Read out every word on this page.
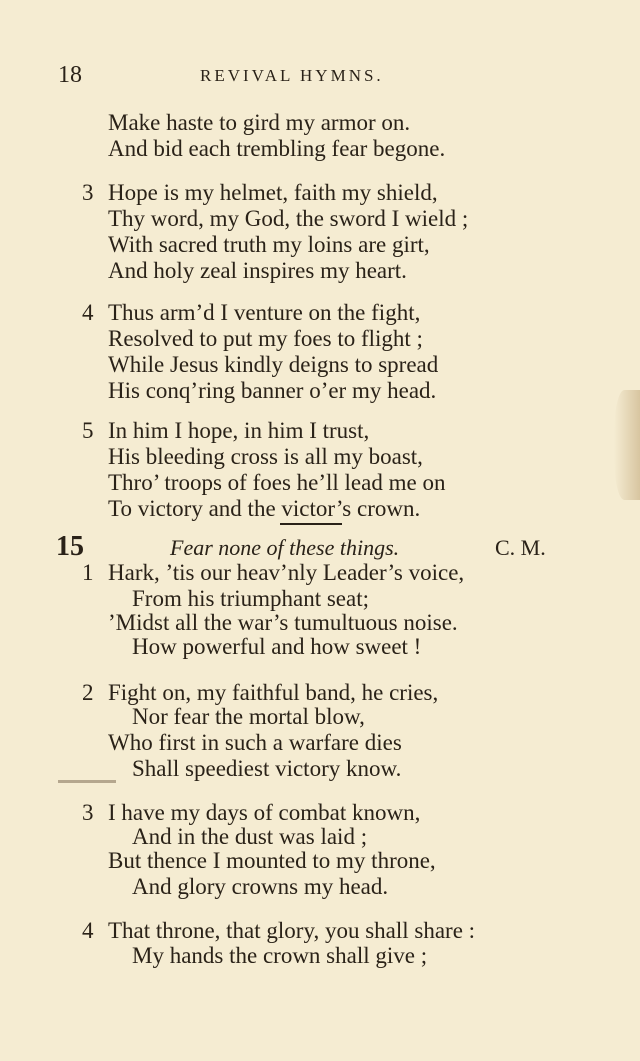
18	REVIVAL HYMNS.
Make haste to gird my armor on.
And bid each trembling fear begone.
3 Hope is my helmet, faith my shield,
Thy word, my God, the sword I wield ;
With sacred truth my loins are girt,
And holy zeal inspires my heart.
4 Thus arm’d I venture on the fight,
Resolved to put my foes to flight ;
While Jesus kindly deigns to spread
His conq’ring banner o’er my head.
5 In him I hope, in him I trust,
His bleeding cross is all my boast,
Thro’ troops of foes he’ll lead me on
To victory and the victor’s crown.
15	Fear none of these things.	C. M.
1 Hark, ’tis our heav’nly Leader’s voice,
From his triumphant seat;
’Midst all the war’s tumultuous noise.
How powerful and how sweet !
2 Fight on, my faithful band, he cries,
Nor fear the mortal blow,
Who first in such a warfare dies
Shall speediest victory know.
3 I have my days of combat known,
And in the dust was laid ;
But thence I mounted to my throne,
And glory crowns my head.
4 That throne, that glory, you shall share :
My hands the crown shall give ;
